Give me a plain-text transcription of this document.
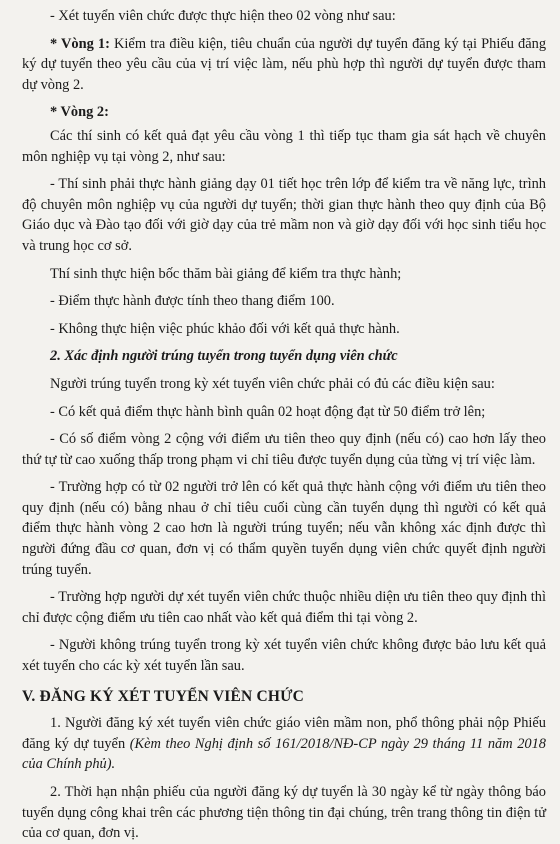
- Xét tuyển viên chức được thực hiện theo 02 vòng như sau:

* Vòng 1: Kiểm tra điều kiện, tiêu chuẩn của người dự tuyển đăng ký tại Phiếu đăng ký dự tuyển theo yêu cầu của vị trí việc làm, nếu phù hợp thì người dự tuyển được tham dự vòng 2.

* Vòng 2:

Các thí sinh có kết quả đạt yêu cầu vòng 1 thì tiếp tục tham gia sát hạch về chuyên môn nghiệp vụ tại vòng 2, như sau:

- Thí sinh phải thực hành giảng dạy 01 tiết học trên lớp để kiểm tra về năng lực, trình độ chuyên môn nghiệp vụ của người dự tuyển; thời gian thực hành theo quy định của Bộ Giáo dục và Đào tạo đối với giờ dạy của trẻ mầm non và giờ dạy đối với học sinh tiểu học và trung học cơ sở.

Thí sinh thực hiện bốc thăm bài giảng để kiểm tra thực hành;

- Điểm thực hành được tính theo thang điểm 100.

- Không thực hiện việc phúc khảo đối với kết quả thực hành.

2. Xác định người trúng tuyển trong tuyển dụng viên chức

Người trúng tuyển trong kỳ xét tuyển viên chức phải có đủ các điều kiện sau:

- Có kết quả điểm thực hành bình quân 02 hoạt động đạt từ 50 điểm trở lên;

- Có số điểm vòng 2 cộng với điểm ưu tiên theo quy định (nếu có) cao hơn lấy theo thứ tự từ cao xuống thấp trong phạm vi chỉ tiêu được tuyển dụng của từng vị trí việc làm.

- Trường hợp có từ 02 người trở lên có kết quả thực hành cộng với điểm ưu tiên theo quy định (nếu có) bằng nhau ở chỉ tiêu cuối cùng cần tuyển dụng thì người có kết quả điểm thực hành vòng 2 cao hơn là người trúng tuyển; nếu vẫn không xác định được thì người đứng đầu cơ quan, đơn vị có thẩm quyền tuyển dụng viên chức quyết định người trúng tuyển.

- Trường hợp người dự xét tuyển viên chức thuộc nhiều diện ưu tiên theo quy định thì chỉ được cộng điểm ưu tiên cao nhất vào kết quả điểm thi tại vòng 2.

- Người không trúng tuyển trong kỳ xét tuyển viên chức không được bảo lưu kết quả xét tuyển cho các kỳ xét tuyển lần sau.

V. ĐĂNG KÝ XÉT TUYỂN VIÊN CHỨC

1. Người đăng ký xét tuyển viên chức giáo viên mầm non, phổ thông phải nộp Phiếu đăng ký dự tuyển (Kèm theo Nghị định số 161/2018/NĐ-CP ngày 29 tháng 11 năm 2018 của Chính phủ).

2. Thời hạn nhận phiếu của người đăng ký dự tuyển là 30 ngày kể từ ngày thông báo tuyển dụng công khai trên các phương tiện thông tin đại chúng, trên trang thông tin điện tử của cơ quan, đơn vị.
